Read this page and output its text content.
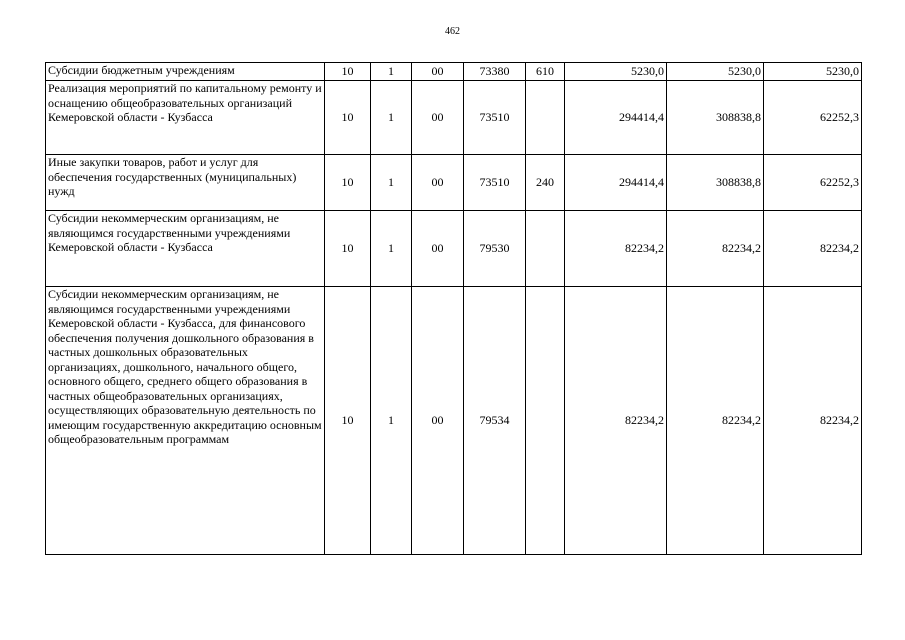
462
Субсидии бюджетным учреждениям	10	1	00	73380	610	5230,0	5230,0	5230,0
Реализация мероприятий по капитальному ремонту и оснащению общеобразовательных организаций Кемеровской области - Кузбасса	10	1	00	73510		294414,4	308838,8	62252,3
Иные закупки товаров, работ и услуг для обеспечения государственных (муниципальных) нужд	10	1	00	73510	240	294414,4	308838,8	62252,3
Субсидии некоммерческим организациям, не являющимся государственными учреждениями Кемеровской области - Кузбасса	10	1	00	79530		82234,2	82234,2	82234,2
Субсидии некоммерческим организациям, не являющимся государственными учреждениями Кемеровской области - Кузбасса, для финансового обеспечения получения дошкольного образования в частных дошкольных образовательных организациях, дошкольного, начального общего, основного общего, среднего общего образования в частных общеобразовательных организациях, осуществляющих образовательную деятельность по имеющим государственную аккредитацию основным общеобразовательным программам	10	1	00	79534		82234,2	82234,2	82234,2
